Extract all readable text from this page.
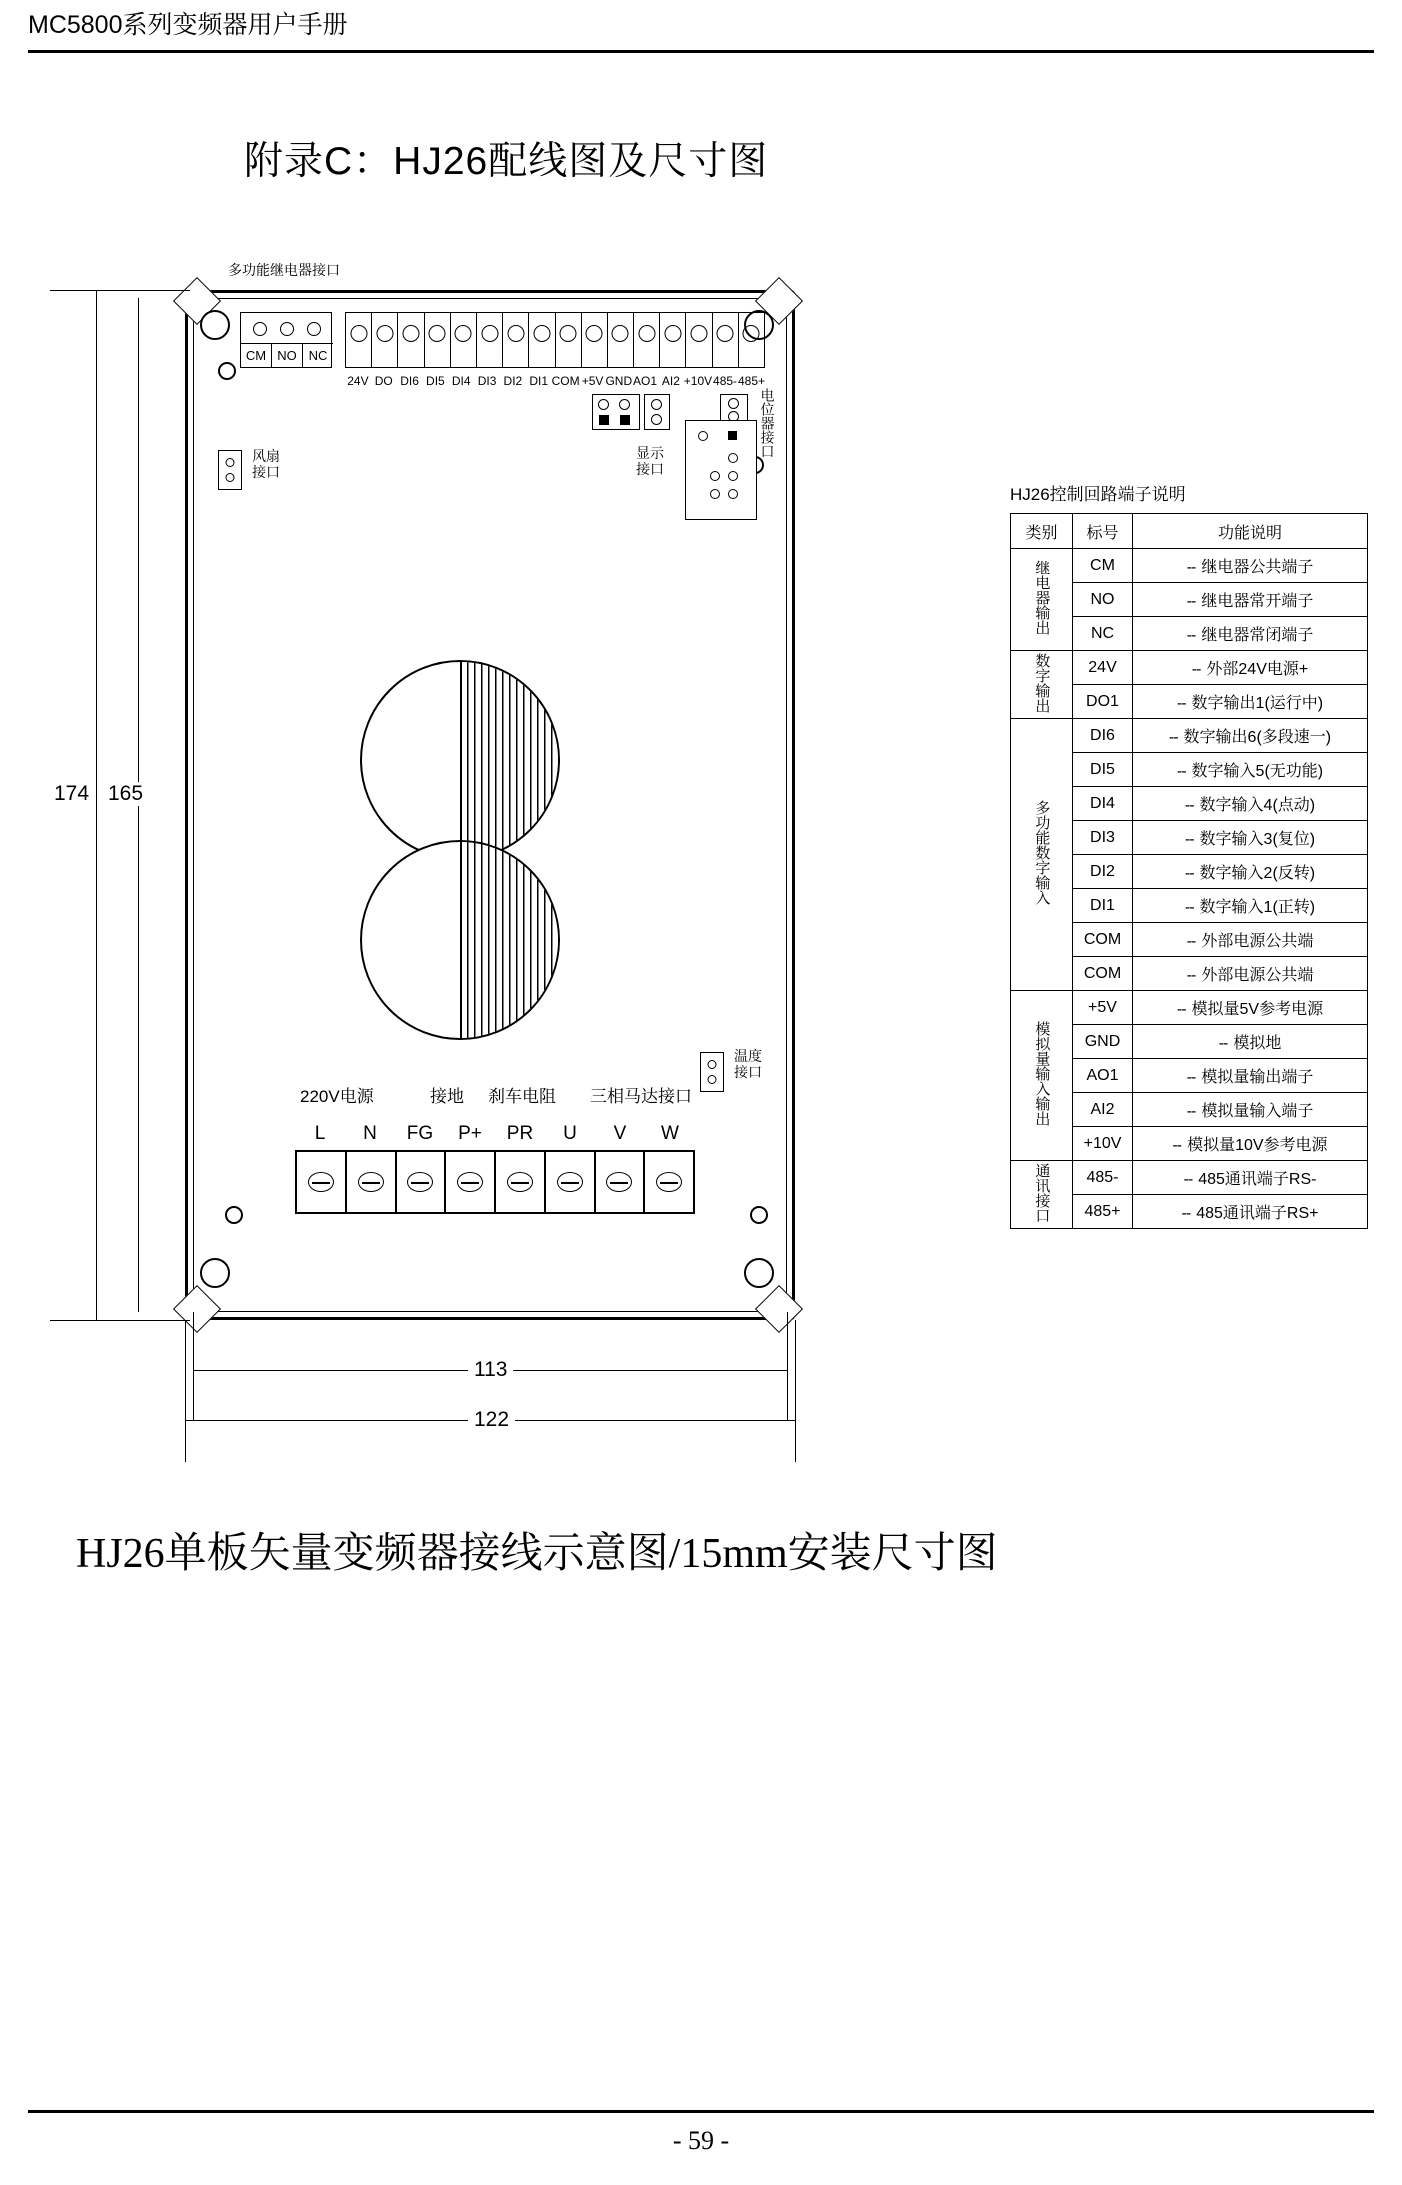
MC5800系列变频器用户手册
附录C：HJ26配线图及尺寸图
多功能继电器接口
CM NO NC
24V DO DI6 DI5 DI4 DI3 DI2 DI1 COM +5V GND AO1 AI2 +10V 485- 485+
电位器接口
风扇接口
显示接口
温度接口
220V电源	接地 刹车电阻 三相马达接口
L	N	FG	P+	PR	U	V	W
174 165
113
122
HJ26控制回路端子说明
类别	标号	功能说明
继电器输出	CM	-- 继电器公共端子
	NO	-- 继电器常开端子
	NC	-- 继电器常闭端子
数字输出	24V	-- 外部24V电源+
	DO1	-- 数字输出1(运行中)
多功能数字输入	DI6	-- 数字输出6(多段速一)
	DI5	-- 数字输入5(无功能)
	DI4	-- 数字输入4(点动)
	DI3	-- 数字输入3(复位)
	DI2	-- 数字输入2(反转)
	DI1	-- 数字输入1(正转)
	COM	-- 外部电源公共端
	COM	-- 外部电源公共端
模拟量输入输出	+5V	-- 模拟量5V参考电源
	GND	-- 模拟地
	AO1	-- 模拟量输出端子
	AI2	-- 模拟量输入端子
	+10V	-- 模拟量10V参考电源
通讯接口	485-	-- 485通讯端子RS-
	485+	-- 485通讯端子RS+
HJ26单板矢量变频器接线示意图/15mm安装尺寸图
- 59 -
